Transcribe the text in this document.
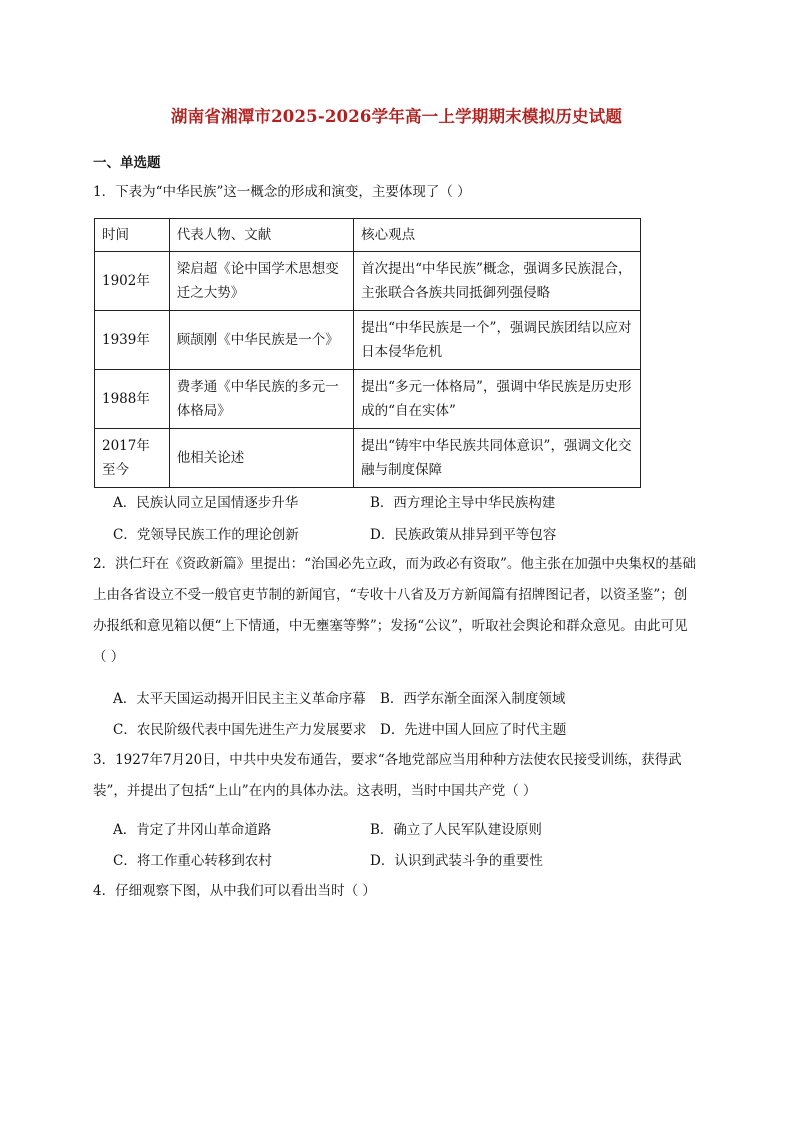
湖南省湘潭市2025-2026学年高一上学期期末模拟历史试题
一、单选题
1．下表为“中华民族”这一概念的形成和演变，主要体现了（ ）
时间	代表人物、文献	核心观点
1902年	梁启超《论中国学术思想变迁之大势》	首次提出“中华民族”概念，强调多民族混合，主张联合各族共同抵御列强侵略
1939年	顾颉刚《中华民族是一个》	提出“中华民族是一个”，强调民族团结以应对日本侵华危机
1988年	费孝通《中华民族的多元一体格局》	提出“多元一体格局”，强调中华民族是历史形成的“自在实体”
2017年至今	他相关论述	提出“铸牢中华民族共同体意识”，强调文化交融与制度保障
A．民族认同立足国情逐步升华	B．西方理论主导中华民族构建
C．党领导民族工作的理论创新	D．民族政策从排异到平等包容
2．洪仁玕在《资政新篇》里提出：“治国必先立政，而为政必有资取”。他主张在加强中央集权的基础上由各省设立不受一般官吏节制的新闻官，“专收十八省及万方新闻篇有招牌图记者，以资圣鉴”；创办报纸和意见箱以便“上下情通，中无壅塞等弊”；发扬“公议”，听取社会舆论和群众意见。由此可见（ ）
A．太平天国运动揭开旧民主主义革命序幕 B．西学东渐全面深入制度领域
C．农民阶级代表中国先进生产力发展要求 D．先进中国人回应了时代主题
3．1927年7月20日，中共中央发布通告，要求“各地党部应当用种种方法使农民接受训练，获得武装”，并提出了包括“上山”在内的具体办法。这表明，当时中国共产党（ ）
A．肯定了井冈山革命道路	B．确立了人民军队建设原则
C．将工作重心转移到农村	D．认识到武装斗争的重要性
4．仔细观察下图，从中我们可以看出当时（ ）
